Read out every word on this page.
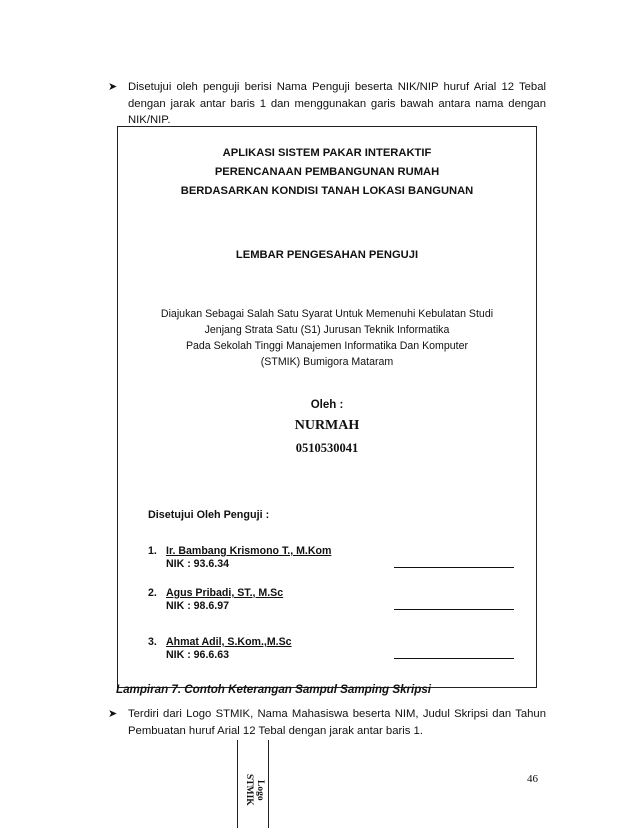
➤ Disetujui oleh penguji berisi Nama Penguji beserta NIK/NIP huruf Arial 12 Tebal dengan jarak antar baris 1 dan menggunakan garis bawah antara nama dengan NIK/NIP.
APLIKASI SISTEM PAKAR INTERAKTIF
PERENCANAAN PEMBANGUNAN RUMAH
BERDASARKAN KONDISI TANAH LOKASI BANGUNAN
LEMBAR PENGESAHAN PENGUJI
Diajukan Sebagai Salah Satu Syarat Untuk Memenuhi Kebulatan Studi
Jenjang Strata Satu (S1) Jurusan Teknik Informatika
Pada Sekolah Tinggi Manajemen Informatika Dan Komputer
(STMIK) Bumigora Mataram
Oleh :
NURMAH
0510530041
Disetujui Oleh Penguji :
1. Ir. Bambang Krismono T., M.Kom
NIK : 93.6.34
2. Agus Pribadi, ST., M.Sc
NIK : 98.6.97
3. Ahmat Adil, S.Kom.,M.Sc
NIK : 96.6.63
Lampiran 7. Contoh Keterangan Sampul Samping Skripsi
➤ Terdiri dari Logo STMIK, Nama Mahasiswa beserta NIM, Judul Skripsi dan Tahun Pembuatan huruf Arial 12 Tebal dengan jarak antar baris 1.
Logo
STMIK	46
